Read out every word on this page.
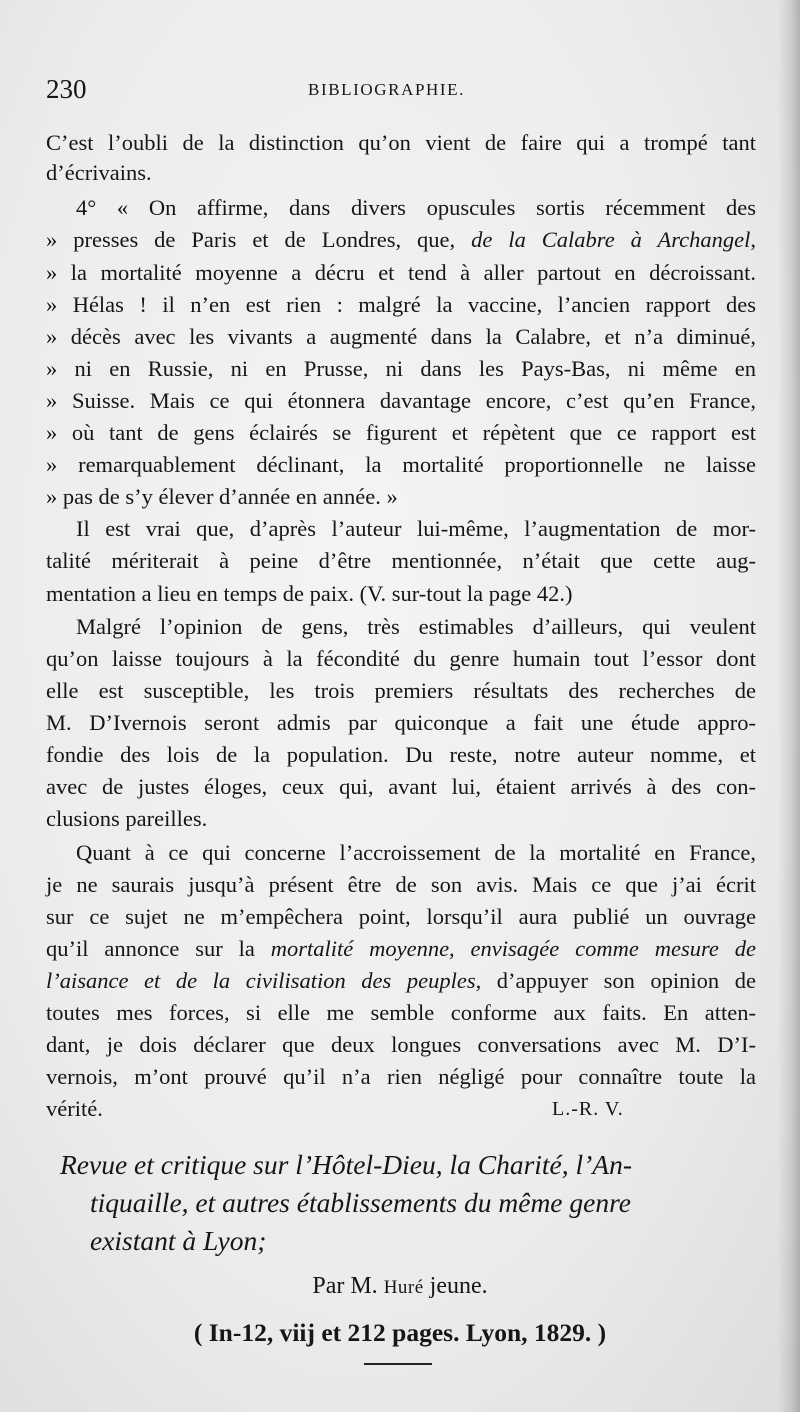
230	BIBLIOGRAPHIE.
C’est l’oubli de la distinction qu’on vient de faire qui a trompé tant
d’écrivains.
4° « On affirme, dans divers opuscules sortis récemment des
» presses de Paris et de Londres, que, de la Calabre à Archangel,
» la mortalité moyenne a décru et tend à aller partout en décroissant.
» Hélas ! il n’en est rien : malgré la vaccine, l’ancien rapport des
» décès avec les vivants a augmenté dans la Calabre, et n’a diminué,
» ni en Russie, ni en Prusse, ni dans les Pays-Bas, ni même en
» Suisse. Mais ce qui étonnera davantage encore, c’est qu’en France,
» où tant de gens éclairés se figurent et répètent que ce rapport est
» remarquablement déclinant, la mortalité proportionnelle ne laisse
» pas de s’y élever d’année en année. »
Il est vrai que, d’après l’auteur lui-même, l’augmentation de mor-
talité mériterait à peine d’être mentionnée, n’était que cette aug-
mentation a lieu en temps de paix. (V. sur-tout la page 42.)
Malgré l’opinion de gens, très estimables d’ailleurs, qui veulent
qu’on laisse toujours à la fécondité du genre humain tout l’essor dont
elle est susceptible, les trois premiers résultats des recherches de
M. D’Ivernois seront admis par quiconque a fait une étude appro-
fondie des lois de la population. Du reste, notre auteur nomme, et
avec de justes éloges, ceux qui, avant lui, étaient arrivés à des con-
clusions pareilles.
Quant à ce qui concerne l’accroissement de la mortalité en France,
je ne saurais jusqu’à présent être de son avis. Mais ce que j’ai écrit
sur ce sujet ne m’empêchera point, lorsqu’il aura publié un ouvrage
qu’il annonce sur la mortalité moyenne, envisagée comme mesure de
l’aisance et de la civilisation des peuples, d’appuyer son opinion de
toutes mes forces, si elle me semble conforme aux faits. En atten-
dant, je dois déclarer que deux longues conversations avec M. D’I-
vernois, m’ont prouvé qu’il n’a rien négligé pour connaître toute la
vérité.	L.-R. V.
Revue et critique sur l’Hôtel-Dieu, la Charité, l’An-
tiquaille, et autres établissements du même genre
existant à Lyon;
Par M. Huré jeune.
( In-12, viij et 212 pages. Lyon, 1829. )
